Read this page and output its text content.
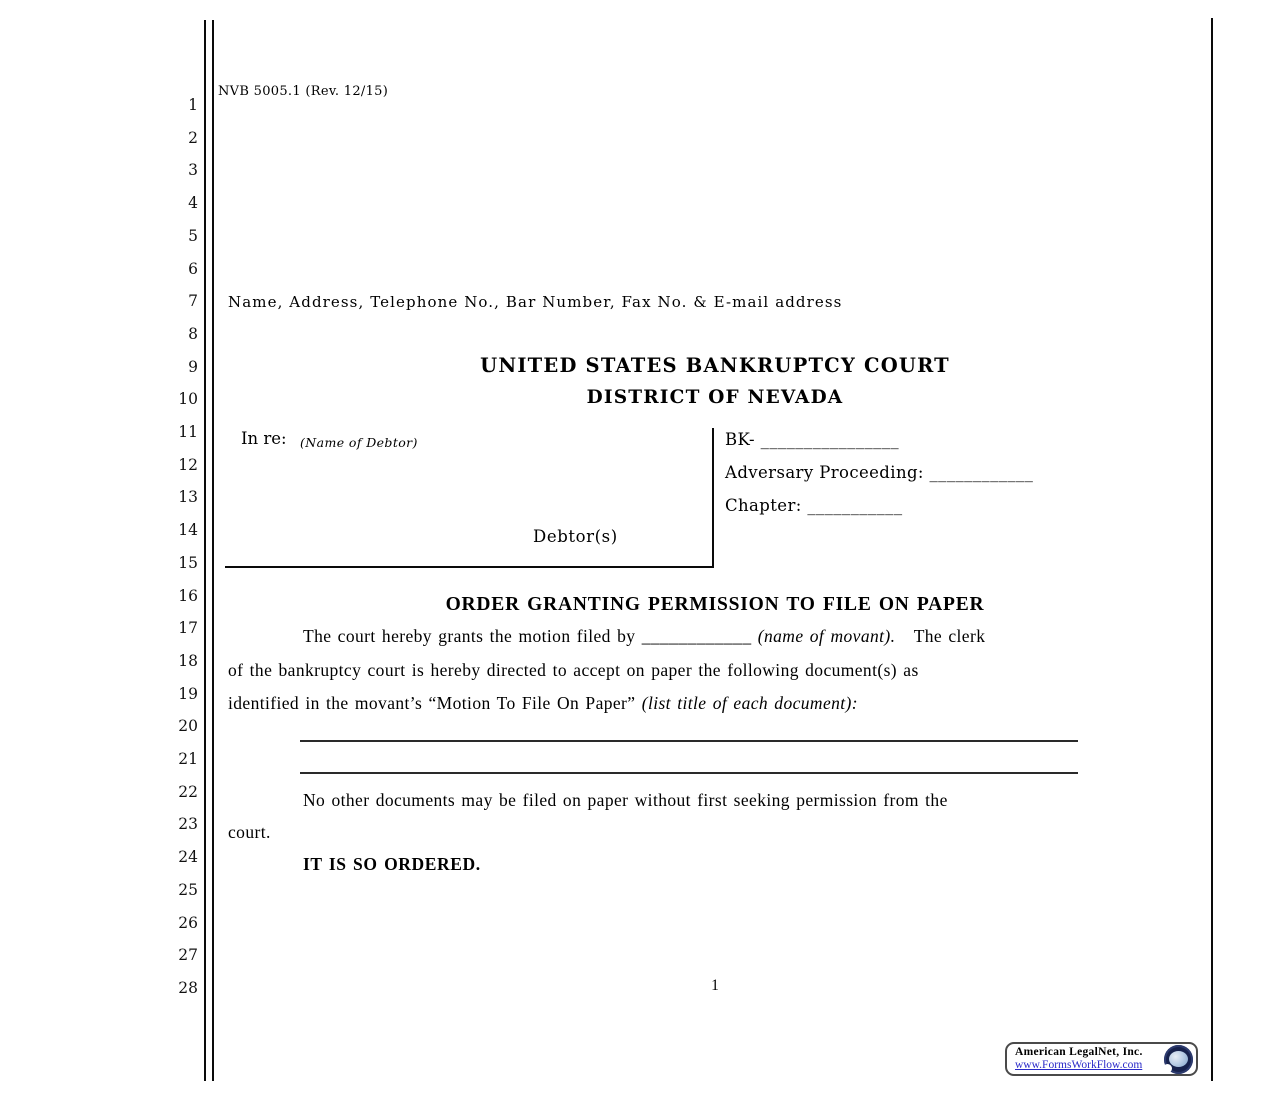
1
2
3
4
5
6
7
8
9
10
11
12
13
14
15
16
17
18
19
20
21
22
23
24
25
26
27
28
NVB 5005.1 (Rev. 12/15)
Name, Address, Telephone No., Bar Number, Fax No. & E-mail address
UNITED STATES BANKRUPTCY COURT
DISTRICT OF NEVADA
In re: (Name of Debtor)
Debtor(s)
BK- ________________
Adversary Proceeding: ____________
Chapter: ___________
ORDER GRANTING PERMISSION TO FILE ON PAPER
The court hereby grants the motion filed by ____________ (name of movant).  The clerk
of the bankruptcy court is hereby directed to accept on paper the following document(s) as
identified in the movant’s “Motion To File On Paper” (list title of each document):
No other documents may be filed on paper without first seeking permission from the
court.
IT IS SO ORDERED.
1
American LegalNet, Inc.
www.FormsWorkFlow.com
